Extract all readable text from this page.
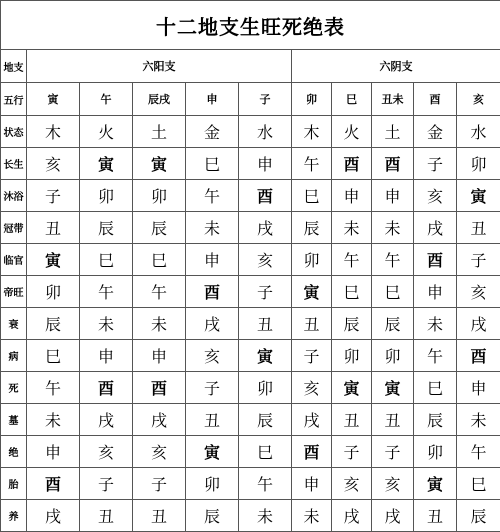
十二地支生旺死绝表										
地支	六阳支					六阴支				
五行	寅	午	辰戌	申	子	卯	巳	丑未	酉	亥
状态	木	火	土	金	水	木	火	土	金	水
长生	亥	寅	寅	巳	申	午	酉	酉	子	卯
沐浴	子	卯	卯	午	酉	巳	申	申	亥	寅
冠带	丑	辰	辰	未	戌	辰	未	未	戌	丑
临官	寅	巳	巳	申	亥	卯	午	午	酉	子
帝旺	卯	午	午	酉	子	寅	巳	巳	申	亥
衰	辰	未	未	戌	丑	丑	辰	辰	未	戌
病	巳	申	申	亥	寅	子	卯	卯	午	酉
死	午	酉	酉	子	卯	亥	寅	寅	巳	申
墓	未	戌	戌	丑	辰	戌	丑	丑	辰	未
绝	申	亥	亥	寅	巳	酉	子	子	卯	午
胎	酉	子	子	卯	午	申	亥	亥	寅	巳
养	戌	丑	丑	辰	未	未	戌	戌	丑	辰
